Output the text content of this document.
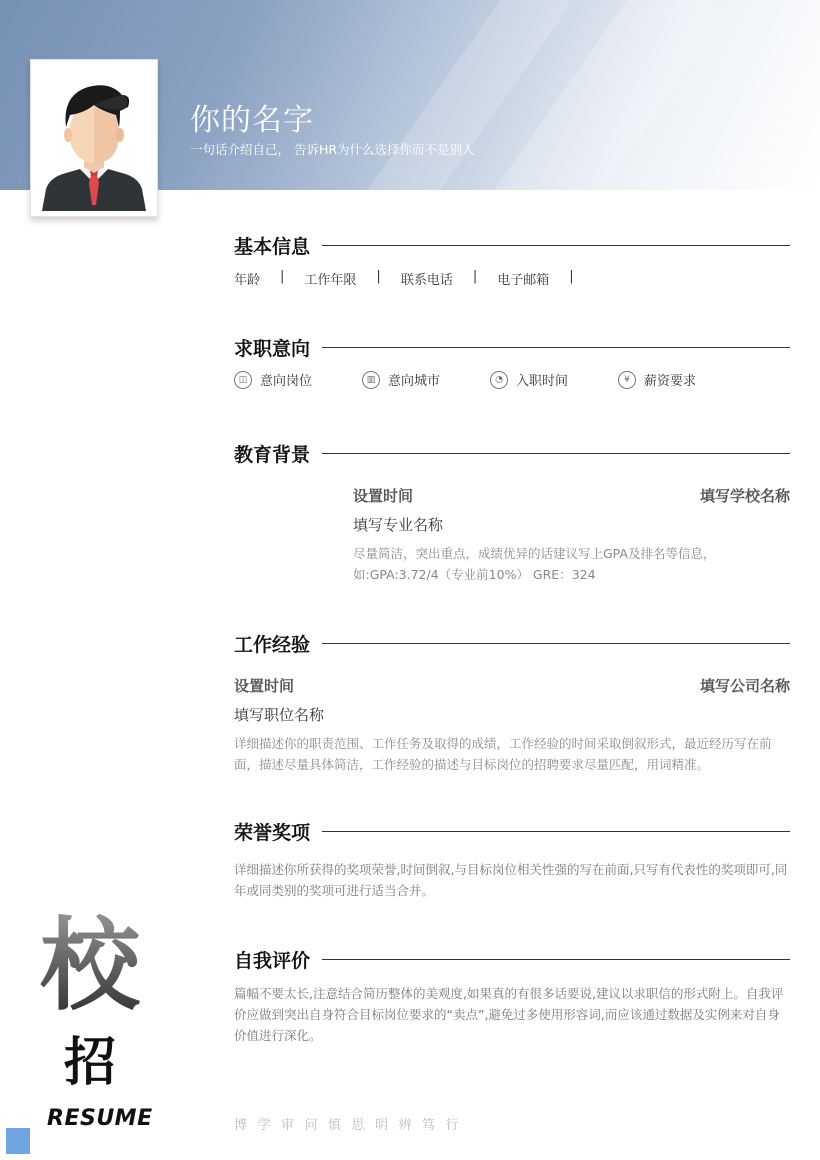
你的名字
一句话介绍自己， 告诉HR为什么选择你而不是别人
基本信息
年龄 | 工作年限 | 联系电话 | 电子邮箱 |
求职意向
◫ 意向岗位	▥ 意向城市	◔	入职时间	¥	薪资要求
教育背景
设置时间	填写学校名称
填写专业名称
尽量简洁，突出重点，成绩优异的话建议写上GPA及排名等信息，如:GPA:3.72/4（专业前10%） GRE：324
工作经验
设置时间	填写公司名称
填写职位名称
详细描述你的职责范围、工作任务及取得的成绩，工作经验的时间采取倒叙形式，最近经历写在前面，描述尽量具体简洁，工作经验的描述与目标岗位的招聘要求尽量匹配，用词精准。
荣誉奖项
详细描述你所获得的奖项荣誉,时间倒叙,与目标岗位相关性强的写在前面,只写有代表性的奖项即可,同年或同类别的奖项可进行适当合并。
自我评价
篇幅不要太长,注意结合简历整体的美观度,如果真的有很多话要说,建议以求职信的形式附上。自我评价应做到突出自身符合目标岗位要求的“卖点”,避免过多使用形容词,而应该通过数据及实例来对自身价值进行深化。
校
招
RESUME	博学审问慎思明辨笃行
